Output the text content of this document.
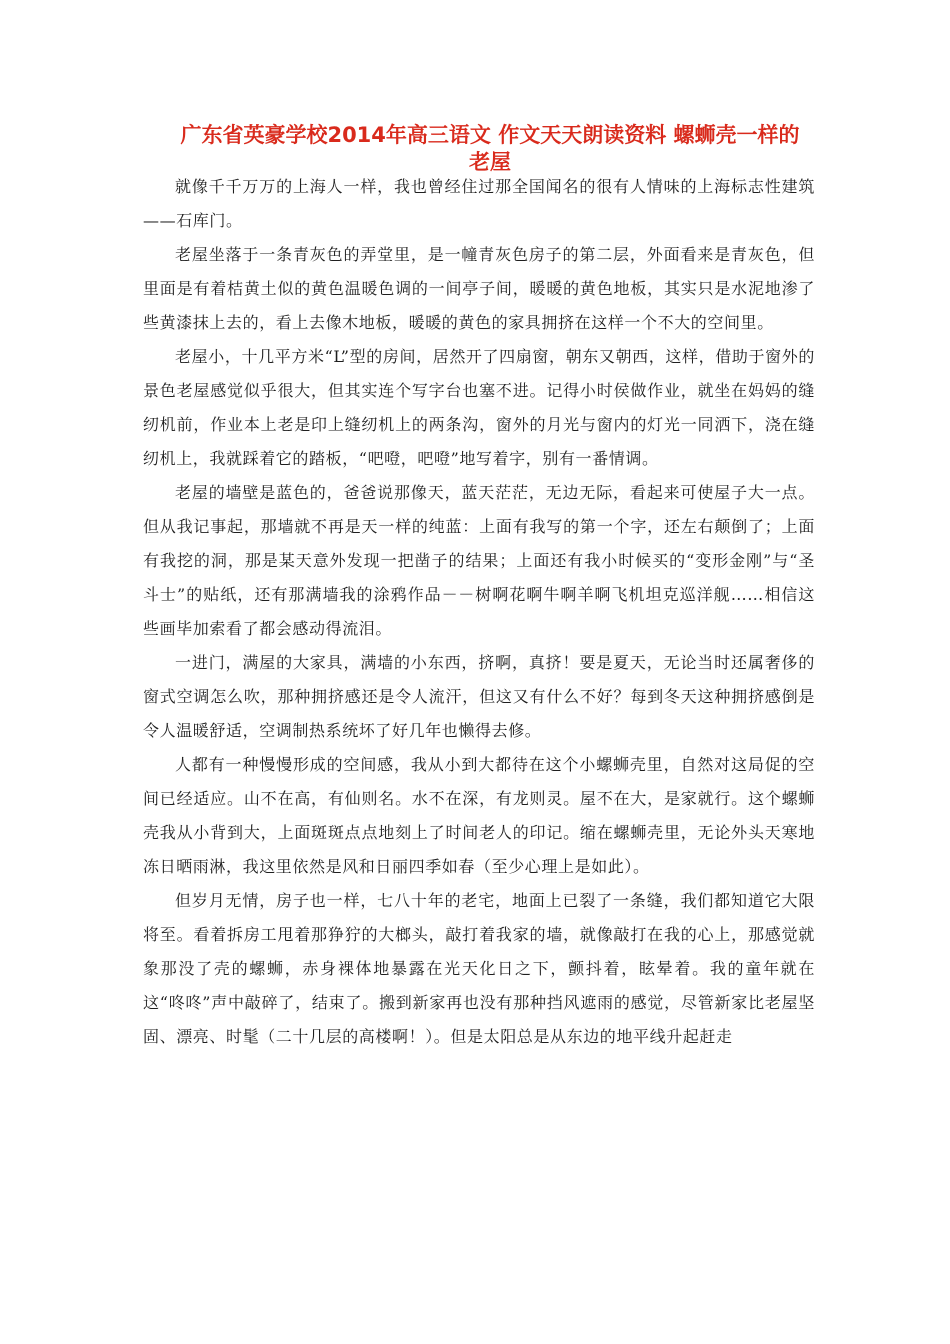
广东省英豪学校2014年高三语文 作文天天朗读资料 螺蛳壳一样的老屋

就像千千万万的上海人一样，我也曾经住过那全国闻名的很有人情味的上海标志性建筑——石库门。

老屋坐落于一条青灰色的弄堂里，是一幢青灰色房子的第二层，外面看来是青灰色，但里面是有着桔黄土似的黄色温暖色调的一间亭子间，暖暖的黄色地板，其实只是水泥地渗了些黄漆抹上去的，看上去像木地板，暖暖的黄色的家具拥挤在这样一个不大的空间里。

老屋小，十几平方米“L”型的房间，居然开了四扇窗，朝东又朝西，这样，借助于窗外的景色老屋感觉似乎很大，但其实连个写字台也塞不进。记得小时侯做作业，就坐在妈妈的缝纫机前，作业本上老是印上缝纫机上的两条沟，窗外的月光与窗内的灯光一同洒下，浇在缝纫机上，我就踩着它的踏板，“吧噔，吧噔”地写着字，别有一番情调。

老屋的墙壁是蓝色的，爸爸说那像天，蓝天茫茫，无边无际，看起来可使屋子大一点。但从我记事起，那墙就不再是天一样的纯蓝：上面有我写的第一个字，还左右颠倒了；上面有我挖的洞，那是某天意外发现一把凿子的结果；上面还有我小时候买的“变形金刚”与“圣斗士”的贴纸，还有那满墙我的涂鸦作品－－树啊花啊牛啊羊啊飞机坦克巡洋舰……相信这些画毕加索看了都会感动得流泪。

一进门，满屋的大家具，满墙的小东西，挤啊，真挤！要是夏天，无论当时还属奢侈的窗式空调怎么吹，那种拥挤感还是令人流汗，但这又有什么不好？每到冬天这种拥挤感倒是令人温暖舒适，空调制热系统坏了好几年也懒得去修。

人都有一种慢慢形成的空间感，我从小到大都待在这个小螺蛳壳里，自然对这局促的空间已经适应。山不在高，有仙则名。水不在深，有龙则灵。屋不在大，是家就行。这个螺蛳壳我从小背到大，上面斑斑点点地刻上了时间老人的印记。缩在螺蛳壳里，无论外头天寒地冻日晒雨淋，我这里依然是风和日丽四季如春（至少心理上是如此）。

但岁月无情，房子也一样，七八十年的老宅，地面上已裂了一条缝，我们都知道它大限将至。看着拆房工甩着那狰狞的大榔头，敲打着我家的墙，就像敲打在我的心上，那感觉就象那没了壳的螺蛳，赤身裸体地暴露在光天化日之下，颤抖着，眩晕着。我的童年就在这“咚咚”声中敲碎了，结束了。搬到新家再也没有那种挡风遮雨的感觉，尽管新家比老屋坚固、漂亮、时髦（二十几层的高楼啊！）。但是太阳总是从东边的地平线升起赶走
